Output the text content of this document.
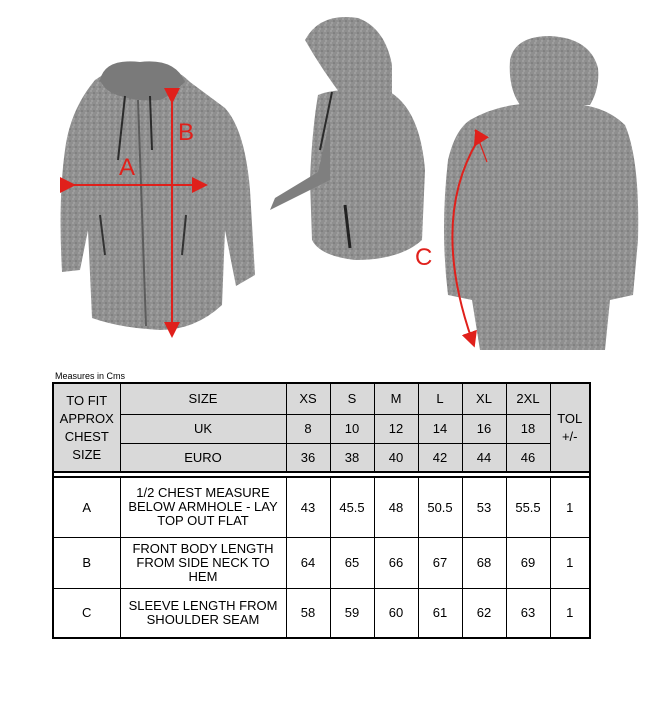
A
B
C
Measures in Cms
TO FIT APPROX CHEST SIZE	SIZE	XS	S	M	L	XL	2XL	TOL +/-

	UK	8	10	12	14	16	18	
	EURO	36	38	40	42	44	46	

A	1/2 CHEST MEASURE BELOW ARMHOLE - LAY TOP OUT FLAT	43	45.5	48	50.5	53	55.5	1
B	FRONT BODY LENGTH FROM SIDE NECK TO HEM	64	65	66	67	68	69	1
C	SLEEVE LENGTH FROM SHOULDER SEAM	58	59	60	61	62	63	1
